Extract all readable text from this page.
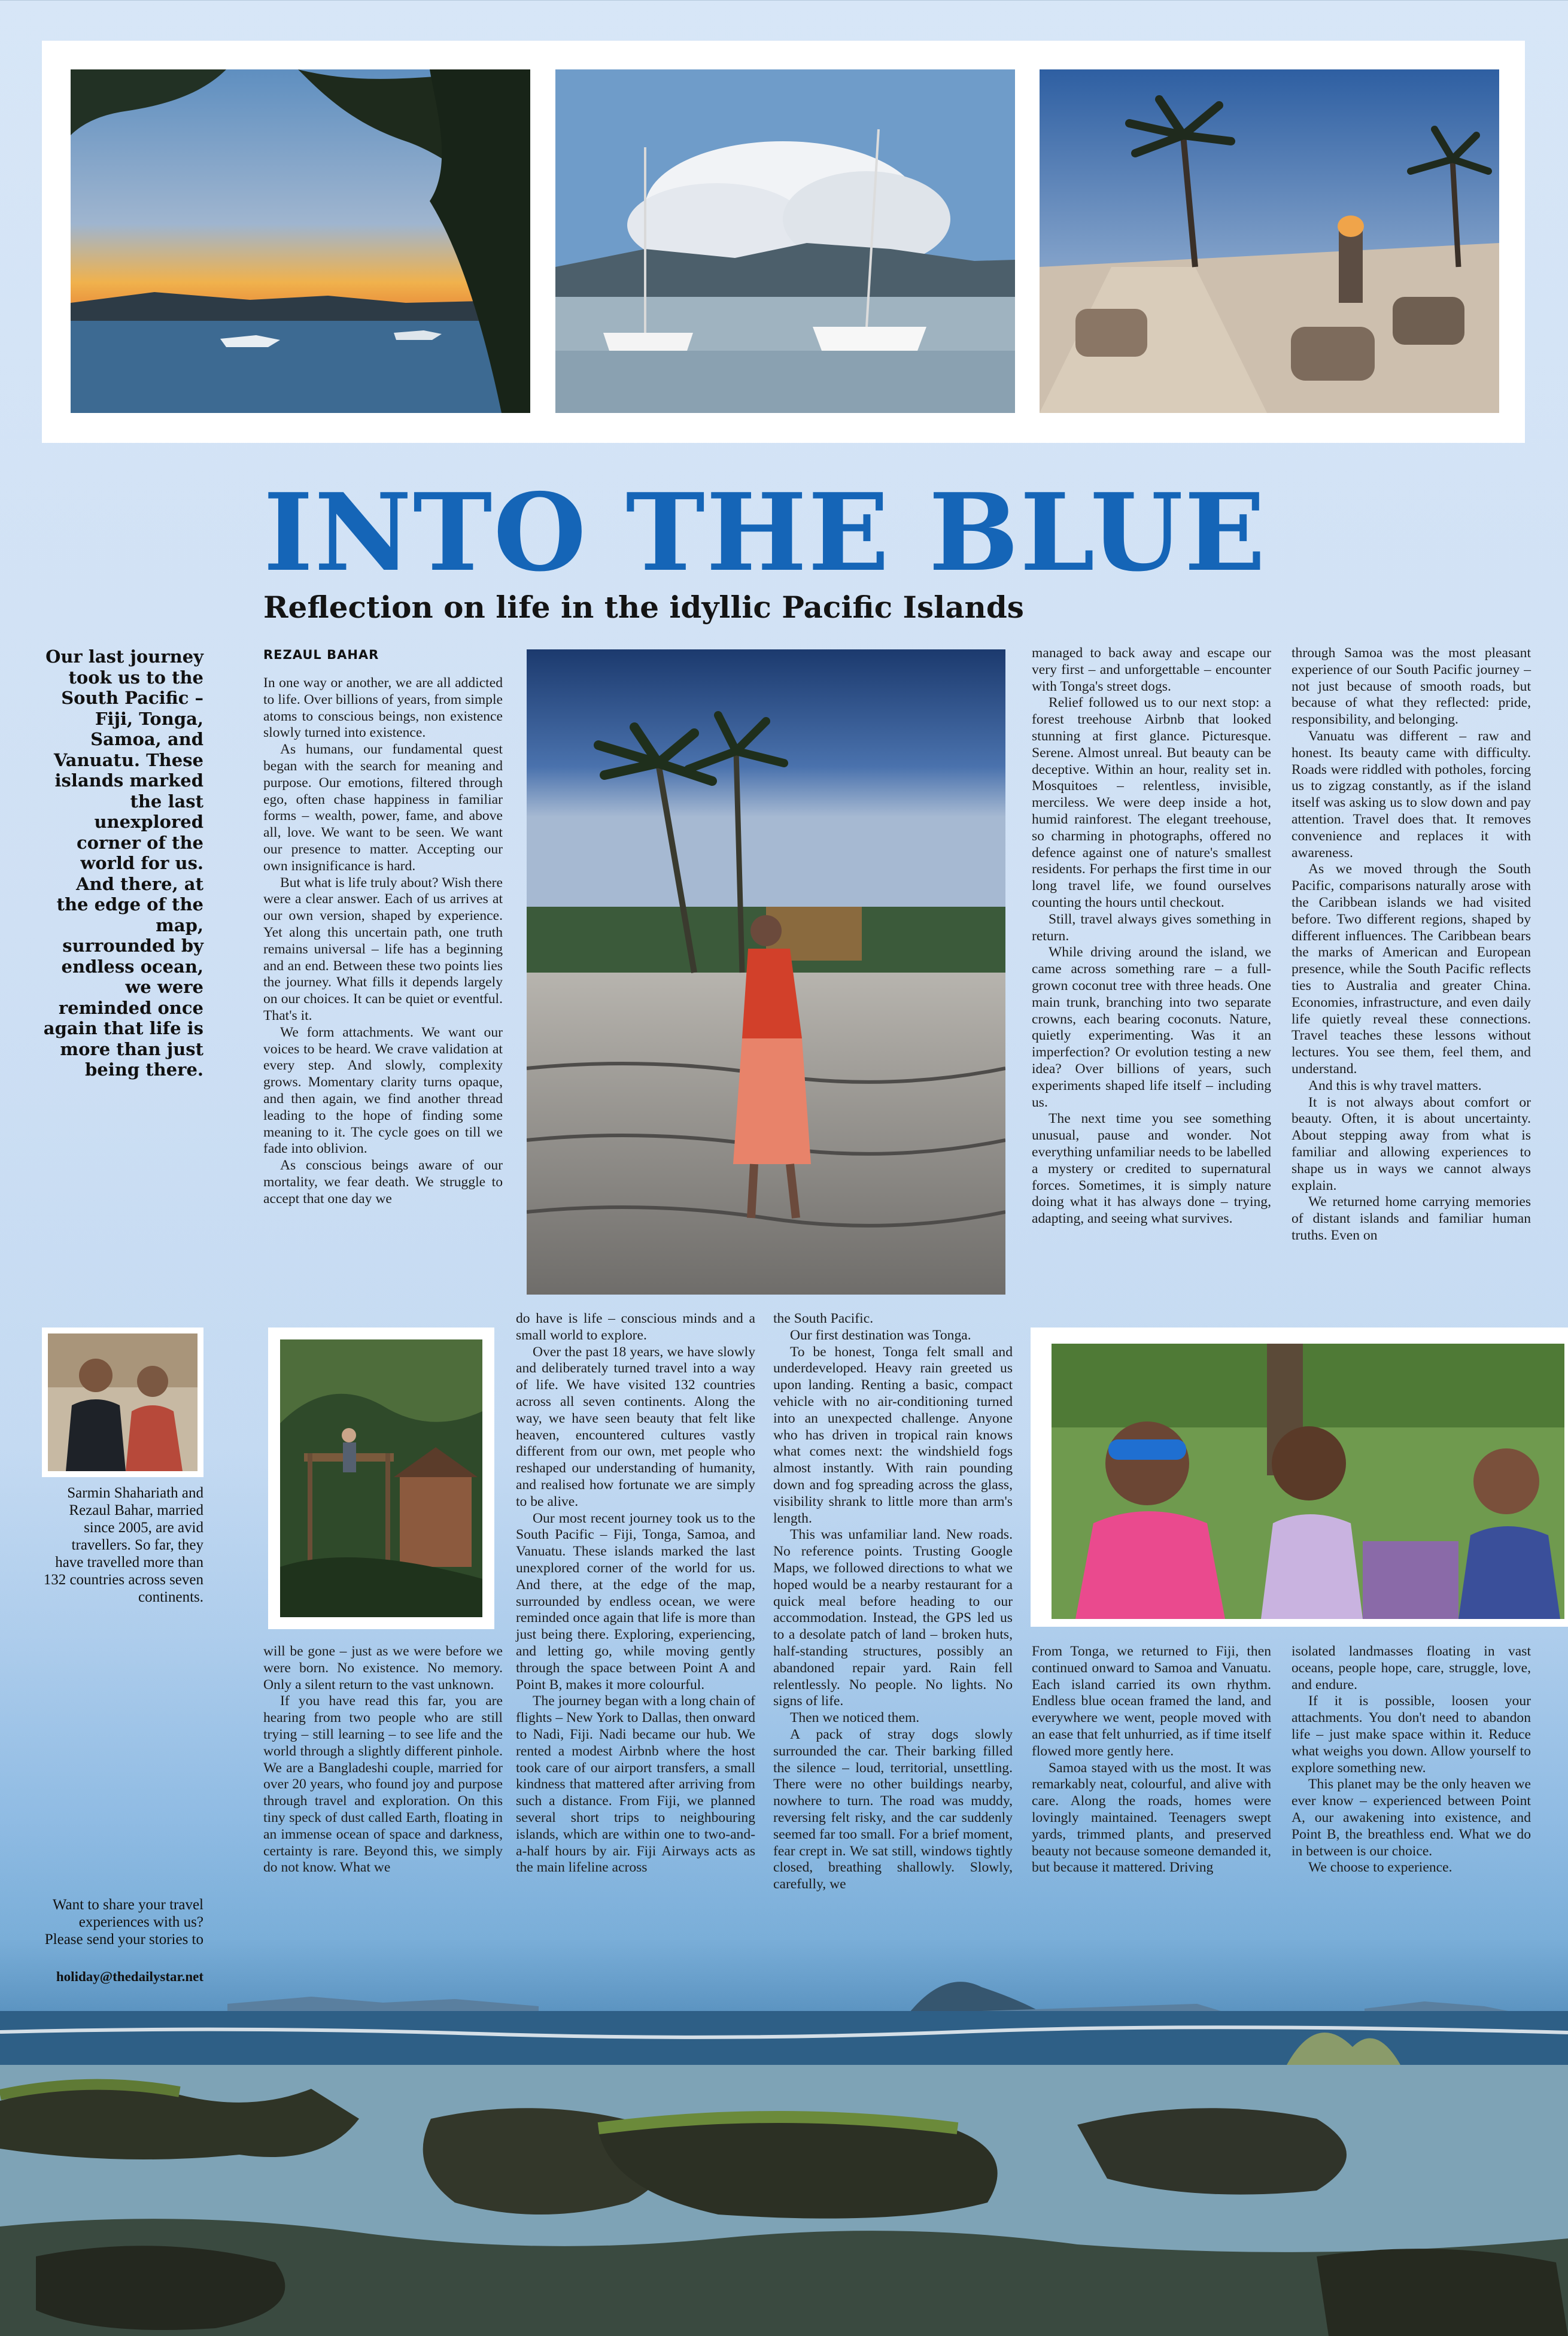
INTO THE BLUE
Reflection on life in the idyllic Pacific Islands
Our last journey took us to the South Pacific – Fiji, Tonga, Samoa, and Vanuatu. These islands marked the last unexplored corner of the world for us. And there, at the edge of the map, surrounded by endless ocean, we were reminded once again that life is more than just being there.
REZAUL BAHAR

In one way or another, we are all addicted to life. Over billions of years, from simple atoms to conscious beings, non existence slowly turned into existence.

As humans, our fundamental quest began with the search for meaning and purpose. Our emotions, filtered through ego, often chase happiness in familiar forms – wealth, power, fame, and above all, love. We want to be seen. We want our presence to matter. Accepting our own insignificance is hard.

But what is life truly about? Wish there were a clear answer. Each of us arrives at our own version, shaped by experience. Yet along this uncertain path, one truth remains universal – life has a beginning and an end. Between these two points lies the journey. What fills it depends largely on our choices. It can be quiet or eventful. That's it.

We form attachments. We want our voices to be heard. We crave validation at every step. And slowly, complexity grows. Momentary clarity turns opaque, and then again, we find another thread leading to the hope of finding some meaning to it. The cycle goes on till we fade into oblivion.

As conscious beings aware of our mortality, we fear death. We struggle to accept that one day we

managed to back away and escape our very first – and unforgettable – encounter with Tonga's street dogs.

Relief followed us to our next stop: a forest treehouse Airbnb that looked stunning at first glance. Picturesque. Serene. Almost unreal. But beauty can be deceptive. Within an hour, reality set in. Mosquitoes – relentless, invisible, merciless. We were deep inside a hot, humid rainforest. The elegant treehouse, so charming in photographs, offered no defence against one of nature's smallest residents. For perhaps the first time in our long travel life, we found ourselves counting the hours until checkout.

Still, travel always gives something in return.

While driving around the island, we came across something rare – a full-grown coconut tree with three heads. One main trunk, branching into two separate crowns, each bearing coconuts. Nature, quietly experimenting. Was it an imperfection? Or evolution testing a new idea? Over billions of years, such experiments shaped life itself – including us.

The next time you see something unusual, pause and wonder. Not everything unfamiliar needs to be labelled a mystery or credited to supernatural forces. Sometimes, it is simply nature doing what it has always done – trying, adapting, and seeing what survives.

through Samoa was the most pleasant experience of our South Pacific journey – not just because of smooth roads, but because of what they reflected: pride, responsibility, and belonging.

Vanuatu was different – raw and honest. Its beauty came with difficulty. Roads were riddled with potholes, forcing us to zigzag constantly, as if the island itself was asking us to slow down and pay attention. Travel does that. It removes convenience and replaces it with awareness.

As we moved through the South Pacific, comparisons naturally arose with the Caribbean islands we had visited before. Two different regions, shaped by different influences. The Caribbean bears the marks of American and European presence, while the South Pacific reflects ties to Australia and greater China. Economies, infrastructure, and even daily life quietly reveal these connections. Travel teaches these lessons without lectures. You see them, feel them, and understand.

And this is why travel matters.

It is not always about comfort or beauty. Often, it is about uncertainty. About stepping away from what is familiar and allowing experiences to shape us in ways we cannot always explain.

We returned home carrying memories of distant islands and familiar human truths. Even on

Sarmin Shahariath and Rezaul Bahar, married since 2005, are avid travellers. So far, they have travelled more than 132 countries across seven continents.

do have is life – conscious minds and a small world to explore.

Over the past 18 years, we have slowly and deliberately turned travel into a way of life. We have visited 132 countries across all seven continents. Along the way, we have seen beauty that felt like heaven, encountered cultures vastly different from our own, met people who reshaped our understanding of humanity, and realised how fortunate we are simply to be alive.

Our most recent journey took us to the South Pacific – Fiji, Tonga, Samoa, and Vanuatu. These islands marked the last unexplored corner of the world for us. And there, at the edge of the map, surrounded by endless ocean, we were reminded once again that life is more than just being there. Exploring, experiencing, and letting go, while moving gently through the space between Point A and Point B, makes it more colourful.

The journey began with a long chain of flights – New York to Dallas, then onward to Nadi, Fiji. Nadi became our hub. We rented a modest Airbnb where the host took care of our airport transfers, a small kindness that mattered after arriving from such a distance. From Fiji, we planned several short trips to neighbouring islands, which are within one to two-and-a-half hours by air. Fiji Airways acts as the main lifeline across

the South Pacific.

Our first destination was Tonga.

To be honest, Tonga felt small and underdeveloped. Heavy rain greeted us upon landing. Renting a basic, compact vehicle with no air-conditioning turned into an unexpected challenge. Anyone who has driven in tropical rain knows what comes next: the windshield fogs almost instantly. With rain pounding down and fog spreading across the glass, visibility shrank to little more than arm's length.

This was unfamiliar land. New roads. No reference points. Trusting Google Maps, we followed directions to what we hoped would be a nearby restaurant for a quick meal before heading to our accommodation. Instead, the GPS led us to a desolate patch of land – broken huts, half-standing structures, possibly an abandoned repair yard. Rain fell relentlessly. No people. No lights. No signs of life.

Then we noticed them.

A pack of stray dogs slowly surrounded the car. Their barking filled the silence – loud, territorial, unsettling. There were no other buildings nearby, nowhere to turn. The road was muddy, reversing felt risky, and the car suddenly seemed far too small. For a brief moment, fear crept in. We sat still, windows tightly closed, breathing shallowly. Slowly, carefully, we

will be gone – just as we were before we were born. No existence. No memory. Only a silent return to the vast unknown.

If you have read this far, you are hearing from two people who are still trying – still learning – to see life and the world through a slightly different pinhole. We are a Bangladeshi couple, married for over 20 years, who found joy and purpose through travel and exploration. On this tiny speck of dust called Earth, floating in an immense ocean of space and darkness, certainty is rare. Beyond this, we simply do not know. What we

From Tonga, we returned to Fiji, then continued onward to Samoa and Vanuatu. Each island carried its own rhythm. Endless blue ocean framed the land, and everywhere we went, people moved with an ease that felt unhurried, as if time itself flowed more gently here.

Samoa stayed with us the most. It was remarkably neat, colourful, and alive with care. Along the roads, homes were lovingly maintained. Teenagers swept yards, trimmed plants, and preserved beauty not because someone demanded it, but because it mattered. Driving

isolated landmasses floating in vast oceans, people hope, care, struggle, love, and endure.

If it is possible, loosen your attachments. You don't need to abandon life – just make space within it. Reduce what weighs you down. Allow yourself to explore something new.

This planet may be the only heaven we ever know – experienced between Point A, our awakening into existence, and Point B, the breathless end. What we do in between is our choice.

We choose to experience.

Want to share your travel experiences with us? Please send your stories to
holiday@thedailystar.net
